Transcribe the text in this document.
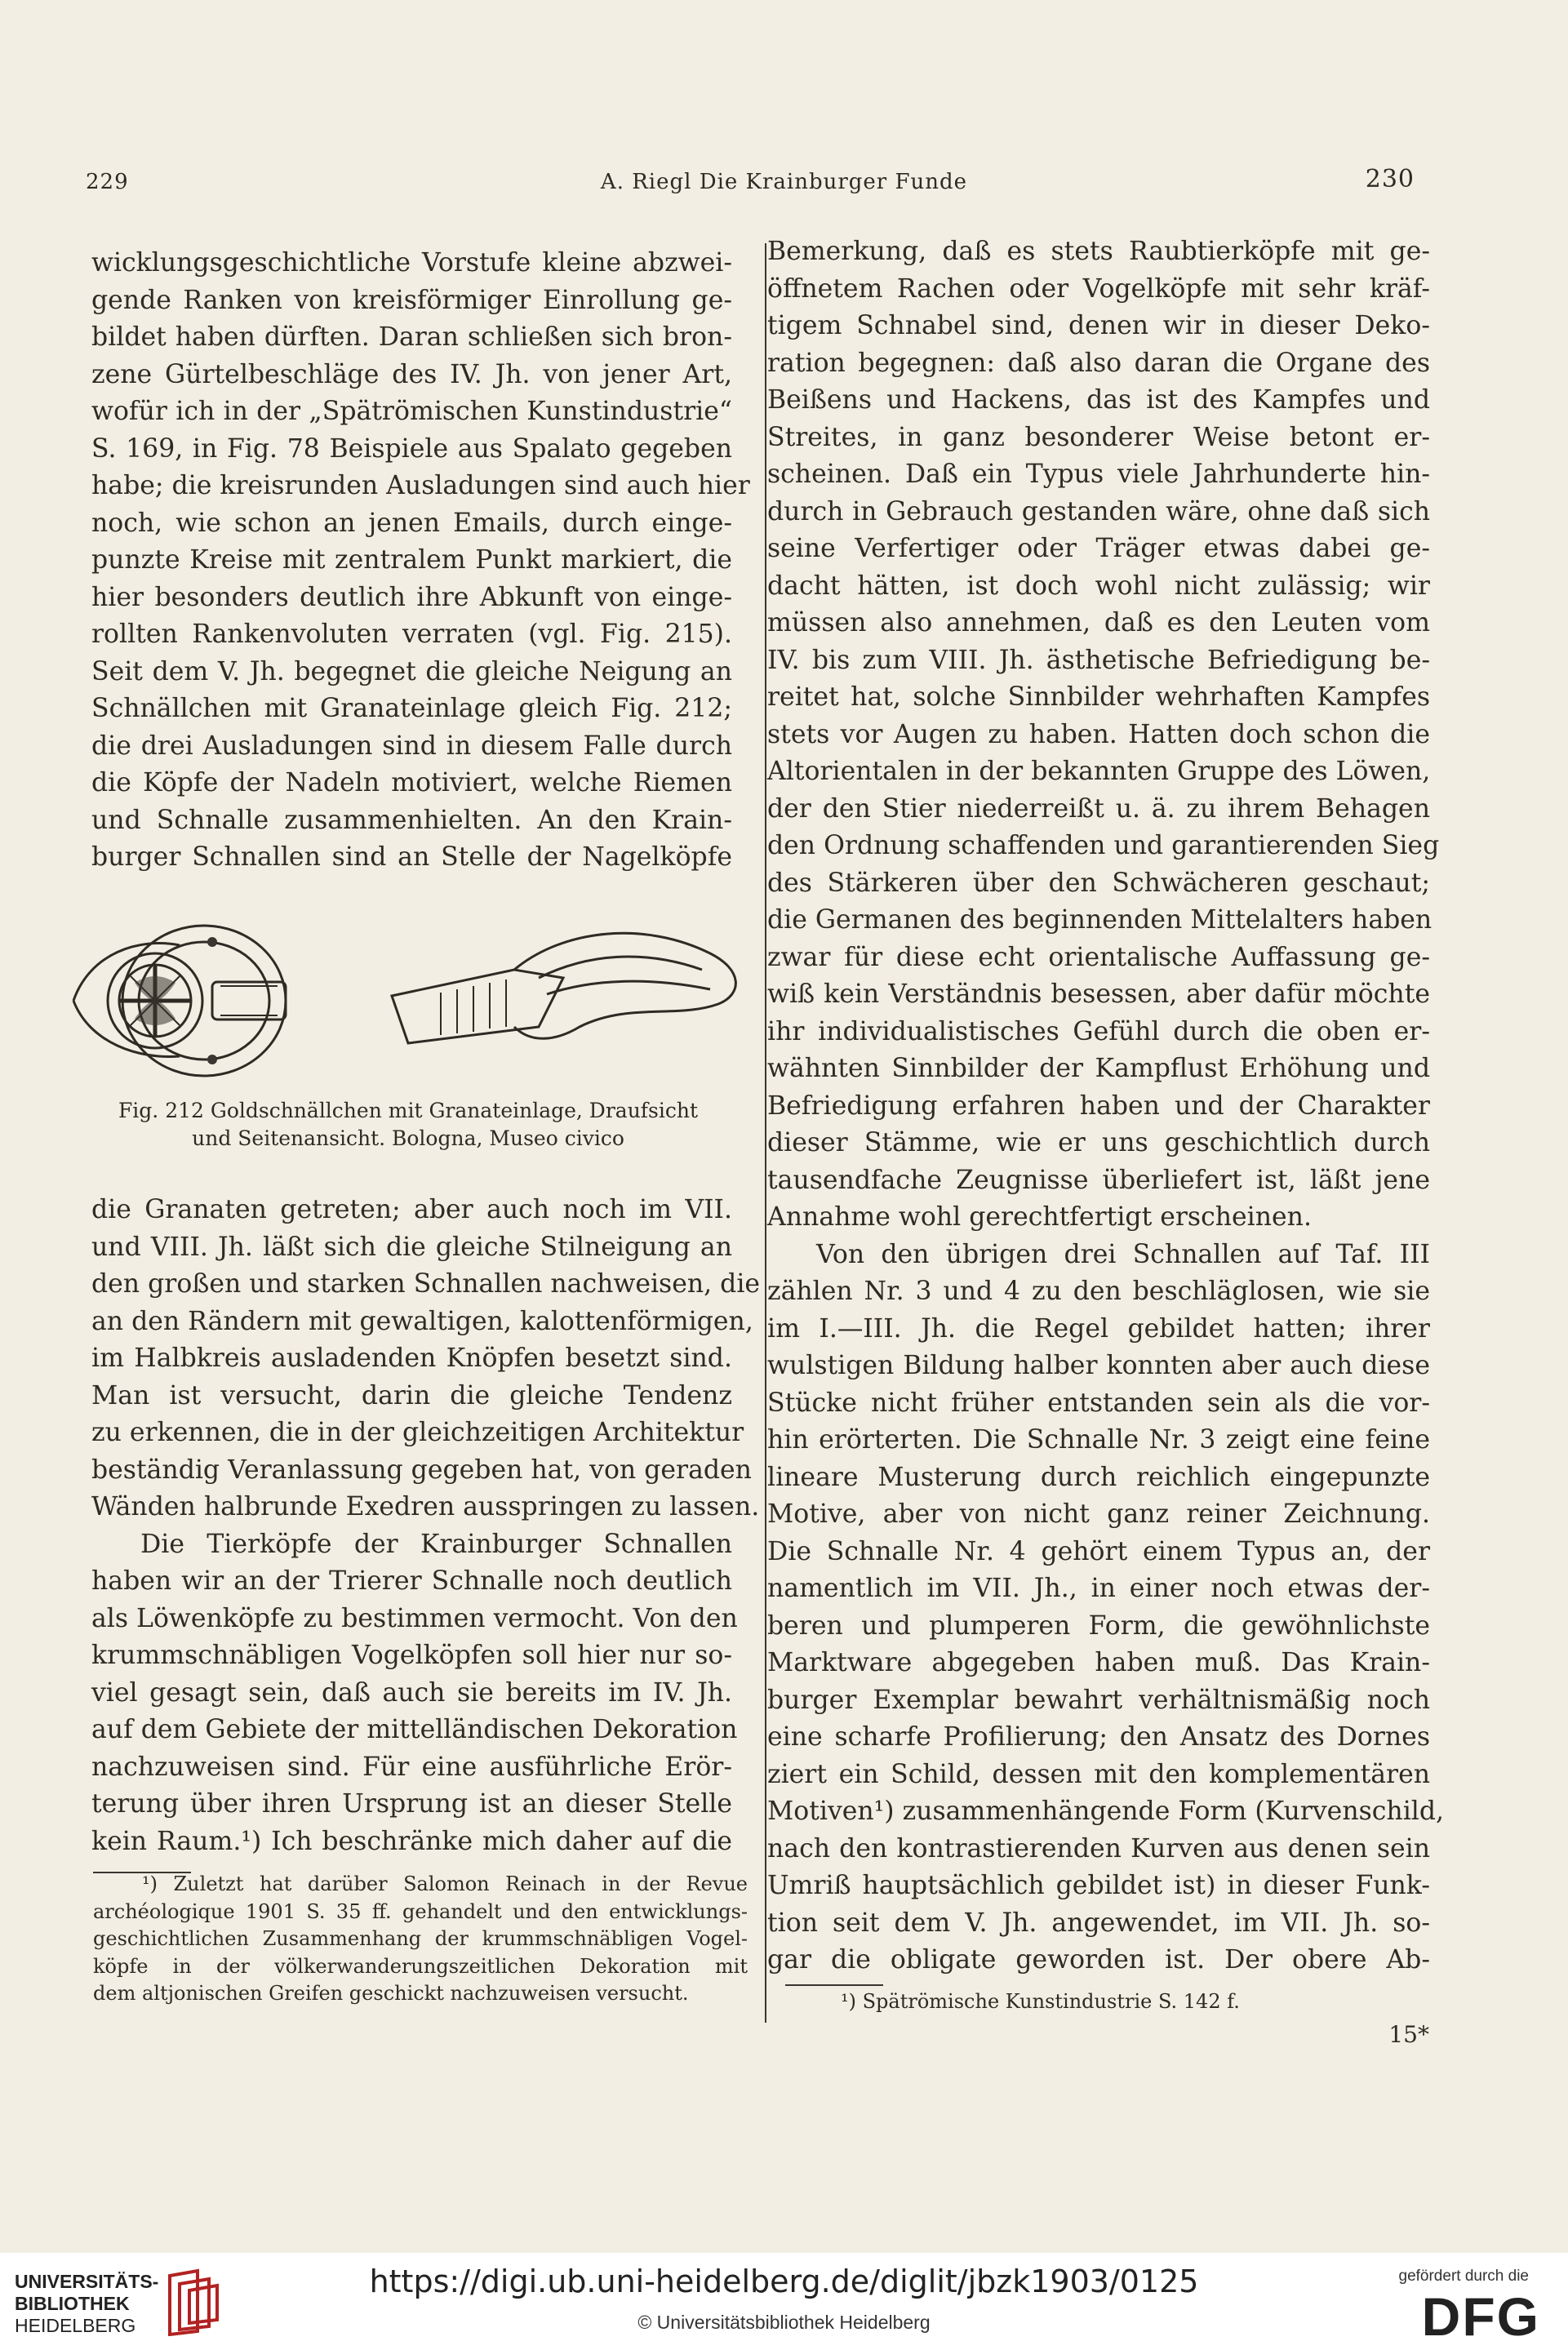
229	A. Riegl Die Krainburger Funde	230
wicklungsgeschichtliche Vorstufe kleine abzwei-
gende Ranken von kreisförmiger Einrollung ge-
bildet haben dürften. Daran schließen sich bron-
zene Gürtelbeschläge des IV. Jh. von jener Art,
wofür ich in der „Spätrömischen Kunstindustrie“
S. 169, in Fig. 78 Beispiele aus Spalato gegeben
habe; die kreisrunden Ausladungen sind auch hier
noch, wie schon an jenen Emails, durch einge-
punzte Kreise mit zentralem Punkt markiert, die
hier besonders deutlich ihre Abkunft von einge-
rollten Rankenvoluten verraten (vgl. Fig. 215).
Seit dem V. Jh. begegnet die gleiche Neigung an
Schnällchen mit Granateinlage gleich Fig. 212;
die drei Ausladungen sind in diesem Falle durch
die Köpfe der Nadeln motiviert, welche Riemen
und Schnalle zusammenhielten. An den Krain-
burger Schnallen sind an Stelle der Nagelköpfe
Fig. 212 Goldschnällchen mit Granateinlage, Draufsicht
und Seitenansicht. Bologna, Museo civico
die Granaten getreten; aber auch noch im VII.
und VIII. Jh. läßt sich die gleiche Stilneigung an
den großen und starken Schnallen nachweisen, die
an den Rändern mit gewaltigen, kalottenförmigen,
im Halbkreis ausladenden Knöpfen besetzt sind.
Man ist versucht, darin die gleiche Tendenz
zu erkennen, die in der gleichzeitigen Architektur
beständig Veranlassung gegeben hat, von geraden
Wänden halbrunde Exedren ausspringen zu lassen.
Die Tierköpfe der Krainburger Schnallen
haben wir an der Trierer Schnalle noch deutlich
als Löwenköpfe zu bestimmen vermocht. Von den
krummschnäbligen Vogelköpfen soll hier nur so-
viel gesagt sein, daß auch sie bereits im IV. Jh.
auf dem Gebiete der mittelländischen Dekoration
nachzuweisen sind. Für eine ausführliche Erör-
terung über ihren Ursprung ist an dieser Stelle
kein Raum.¹) Ich beschränke mich daher auf die
¹) Zuletzt hat darüber Salomon Reinach in der Revue
archéologique 1901 S. 35 ff. gehandelt und den entwicklungs-
geschichtlichen Zusammenhang der krummschnäbligen Vogel-
köpfe in der völkerwanderungszeitlichen Dekoration mit
dem altjonischen Greifen geschickt nachzuweisen versucht.
Bemerkung, daß es stets Raubtierköpfe mit ge-
öffnetem Rachen oder Vogelköpfe mit sehr kräf-
tigem Schnabel sind, denen wir in dieser Deko-
ration begegnen: daß also daran die Organe des
Beißens und Hackens, das ist des Kampfes und
Streites, in ganz besonderer Weise betont er-
scheinen. Daß ein Typus viele Jahrhunderte hin-
durch in Gebrauch gestanden wäre, ohne daß sich
seine Verfertiger oder Träger etwas dabei ge-
dacht hätten, ist doch wohl nicht zulässig; wir
müssen also annehmen, daß es den Leuten vom
IV. bis zum VIII. Jh. ästhetische Befriedigung be-
reitet hat, solche Sinnbilder wehrhaften Kampfes
stets vor Augen zu haben. Hatten doch schon die
Altorientalen in der bekannten Gruppe des Löwen,
der den Stier niederreißt u. ä. zu ihrem Behagen
den Ordnung schaffenden und garantierenden Sieg
des Stärkeren über den Schwächeren geschaut;
die Germanen des beginnenden Mittelalters haben
zwar für diese echt orientalische Auffassung ge-
wiß kein Verständnis besessen, aber dafür möchte
ihr individualistisches Gefühl durch die oben er-
wähnten Sinnbilder der Kampflust Erhöhung und
Befriedigung erfahren haben und der Charakter
dieser Stämme, wie er uns geschichtlich durch
tausendfache Zeugnisse überliefert ist, läßt jene
Annahme wohl gerechtfertigt erscheinen.
Von den übrigen drei Schnallen auf Taf. III
zählen Nr. 3 und 4 zu den beschläglosen, wie sie
im I.—III. Jh. die Regel gebildet hatten; ihrer
wulstigen Bildung halber konnten aber auch diese
Stücke nicht früher entstanden sein als die vor-
hin erörterten. Die Schnalle Nr. 3 zeigt eine feine
lineare Musterung durch reichlich eingepunzte
Motive, aber von nicht ganz reiner Zeichnung.
Die Schnalle Nr. 4 gehört einem Typus an, der
namentlich im VII. Jh., in einer noch etwas der-
beren und plumperen Form, die gewöhnlichste
Marktware abgegeben haben muß. Das Krain-
burger Exemplar bewahrt verhältnismäßig noch
eine scharfe Profilierung; den Ansatz des Dornes
ziert ein Schild, dessen mit den komplementären
Motiven¹) zusammenhängende Form (Kurvenschild,
nach den kontrastierenden Kurven aus denen sein
Umriß hauptsächlich gebildet ist) in dieser Funk-
tion seit dem V. Jh. angewendet, im VII. Jh. so-
gar die obligate geworden ist. Der obere Ab-
¹) Spätrömische Kunstindustrie S. 142 f.
15*
UNIVERSITÄTS-
BIBLIOTHEK
HEIDELBERG
https://digi.ub.uni-heidelberg.de/diglit/jbzk1903/0125
© Universitätsbibliothek Heidelberg
gefördert durch die
DFG
